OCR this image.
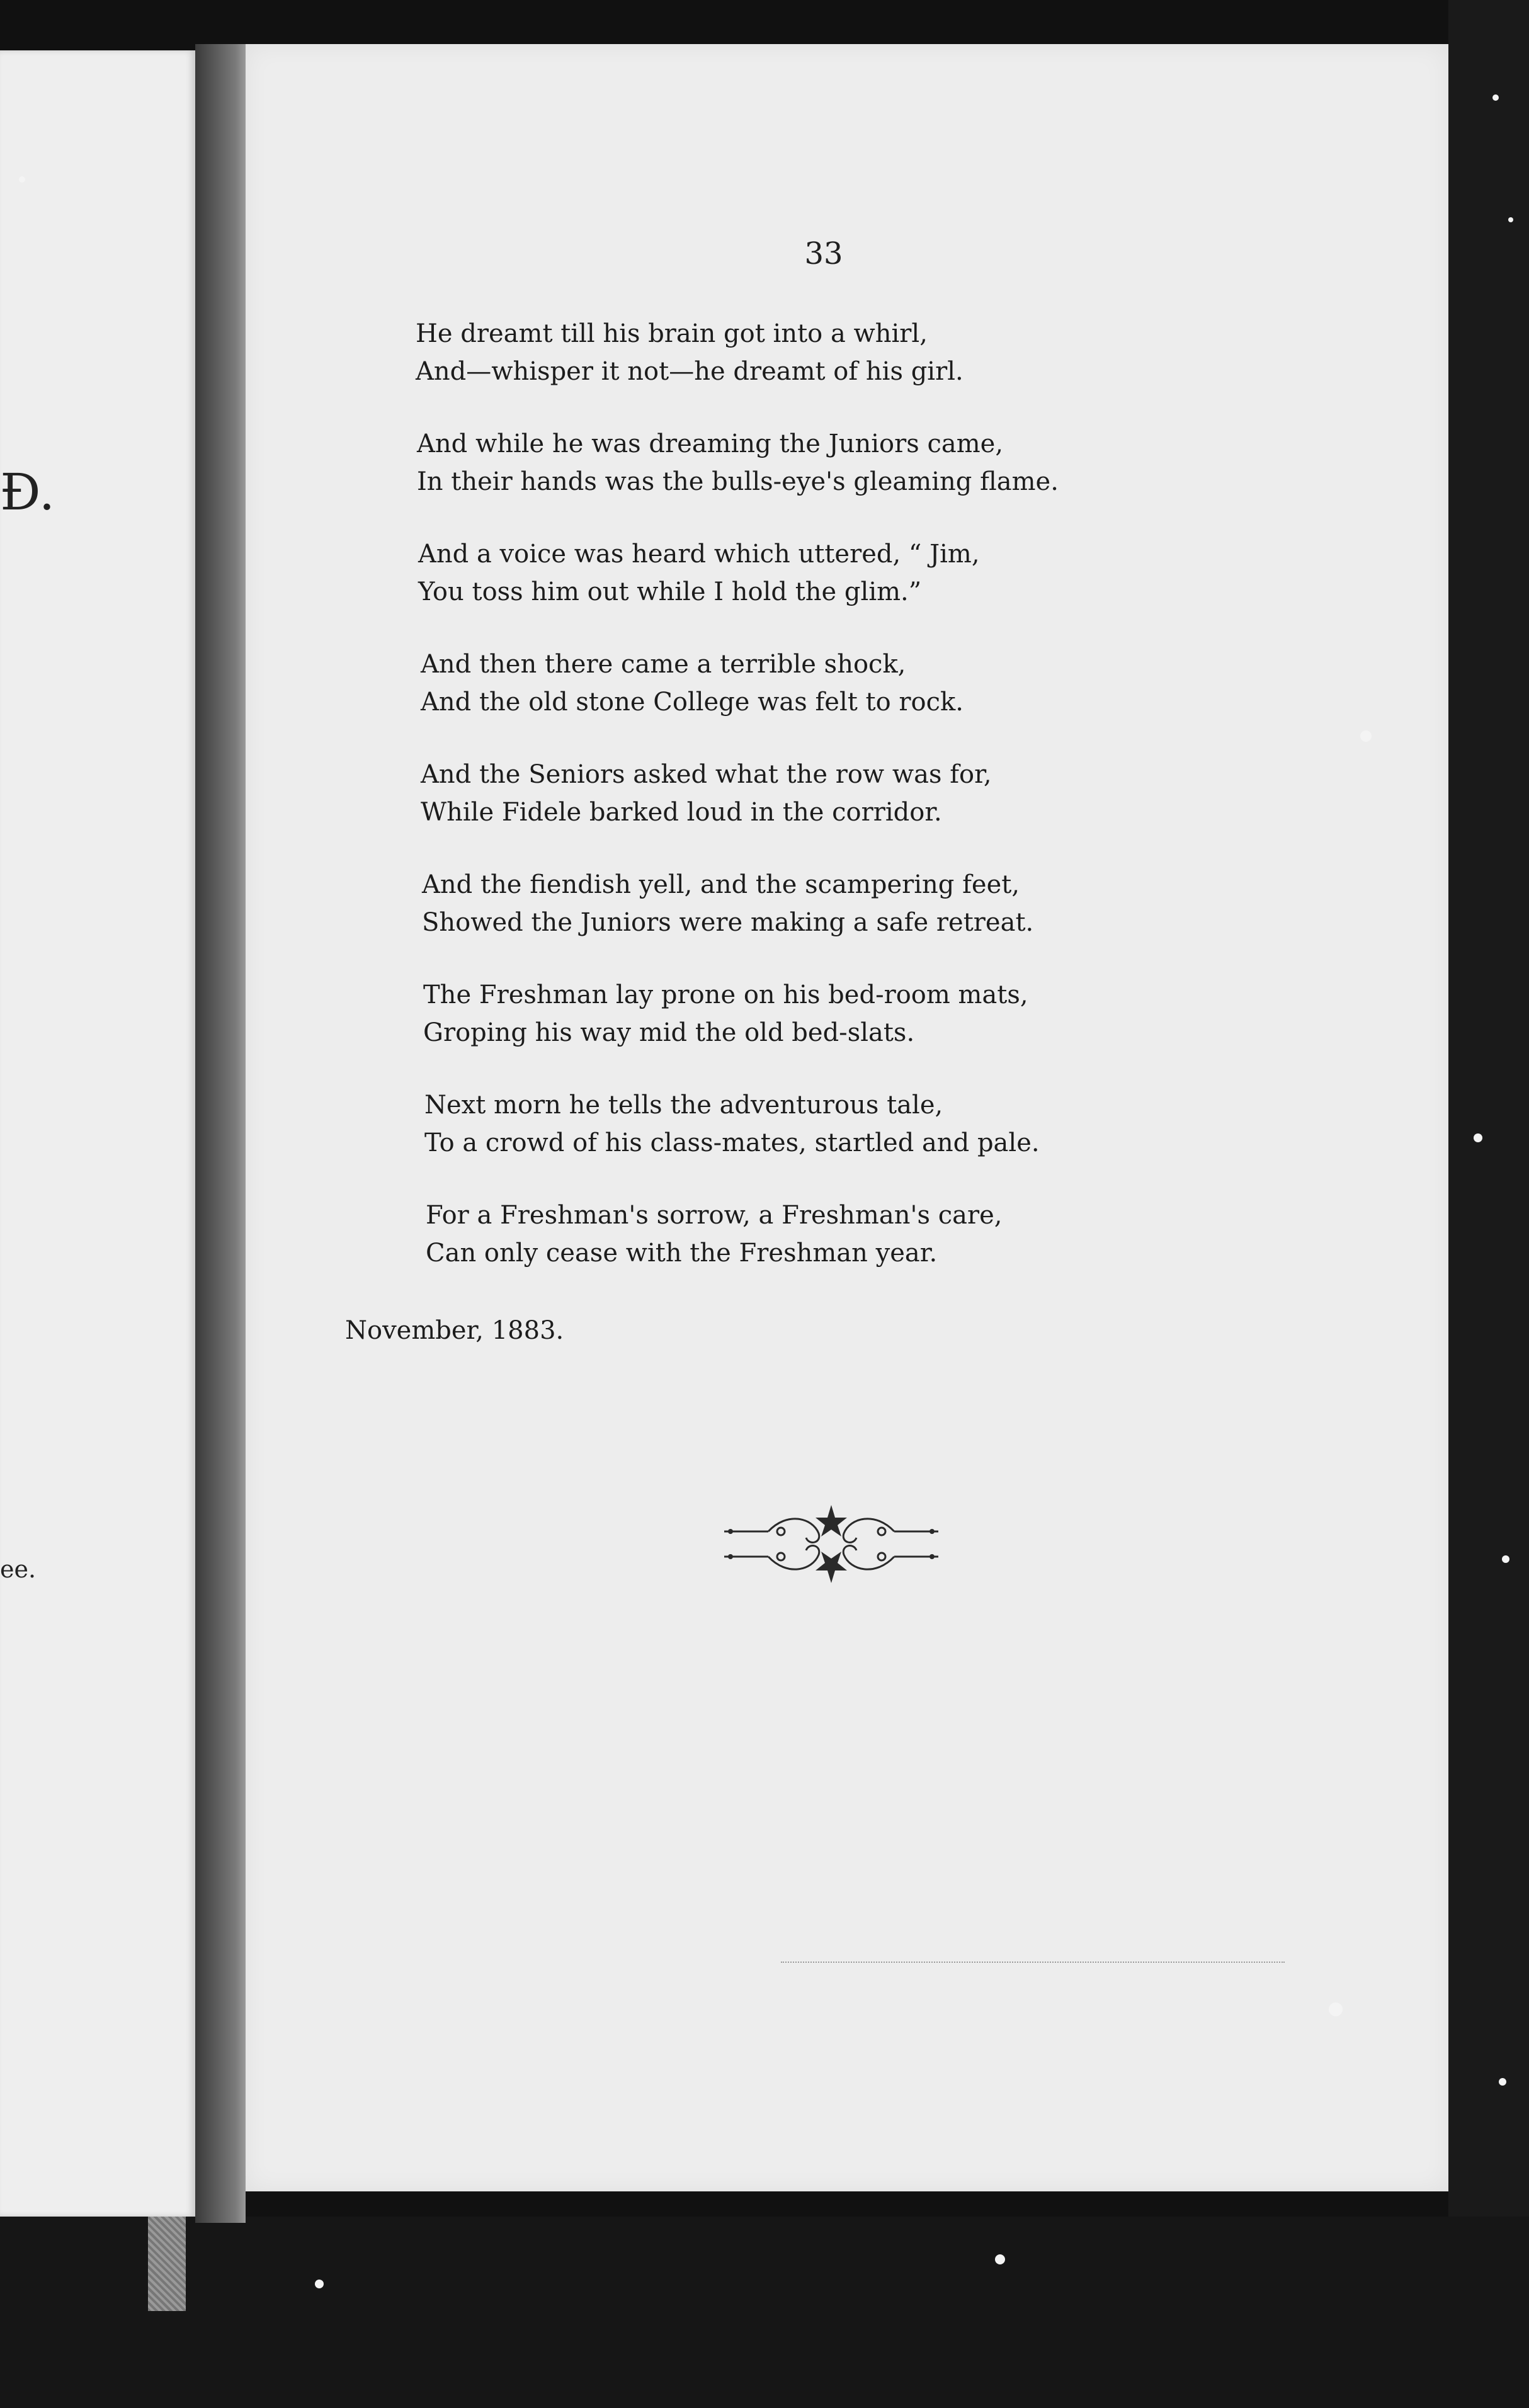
Ð.
ee.
33
He dreamt till his brain got into a whirl,
And—whisper it not—he dreamt of his girl.
And while he was dreaming the Juniors came,
In their hands was the bulls-eye's gleaming flame.
And a voice was heard which uttered, “ Jim,
You toss him out while I hold the glim.”
And then there came a terrible shock,
And the old stone College was felt to rock.
And the Seniors asked what the row was for,
While Fidele barked loud in the corridor.
And the fiendish yell, and the scampering feet,
Showed the Juniors were making a safe retreat.
The Freshman lay prone on his bed-room mats,
Groping his way mid the old bed-slats.
Next morn he tells the adventurous tale,
To a crowd of his class-mates, startled and pale.
For a Freshman's sorrow, a Freshman's care,
Can only cease with the Freshman year.
November, 1883.
